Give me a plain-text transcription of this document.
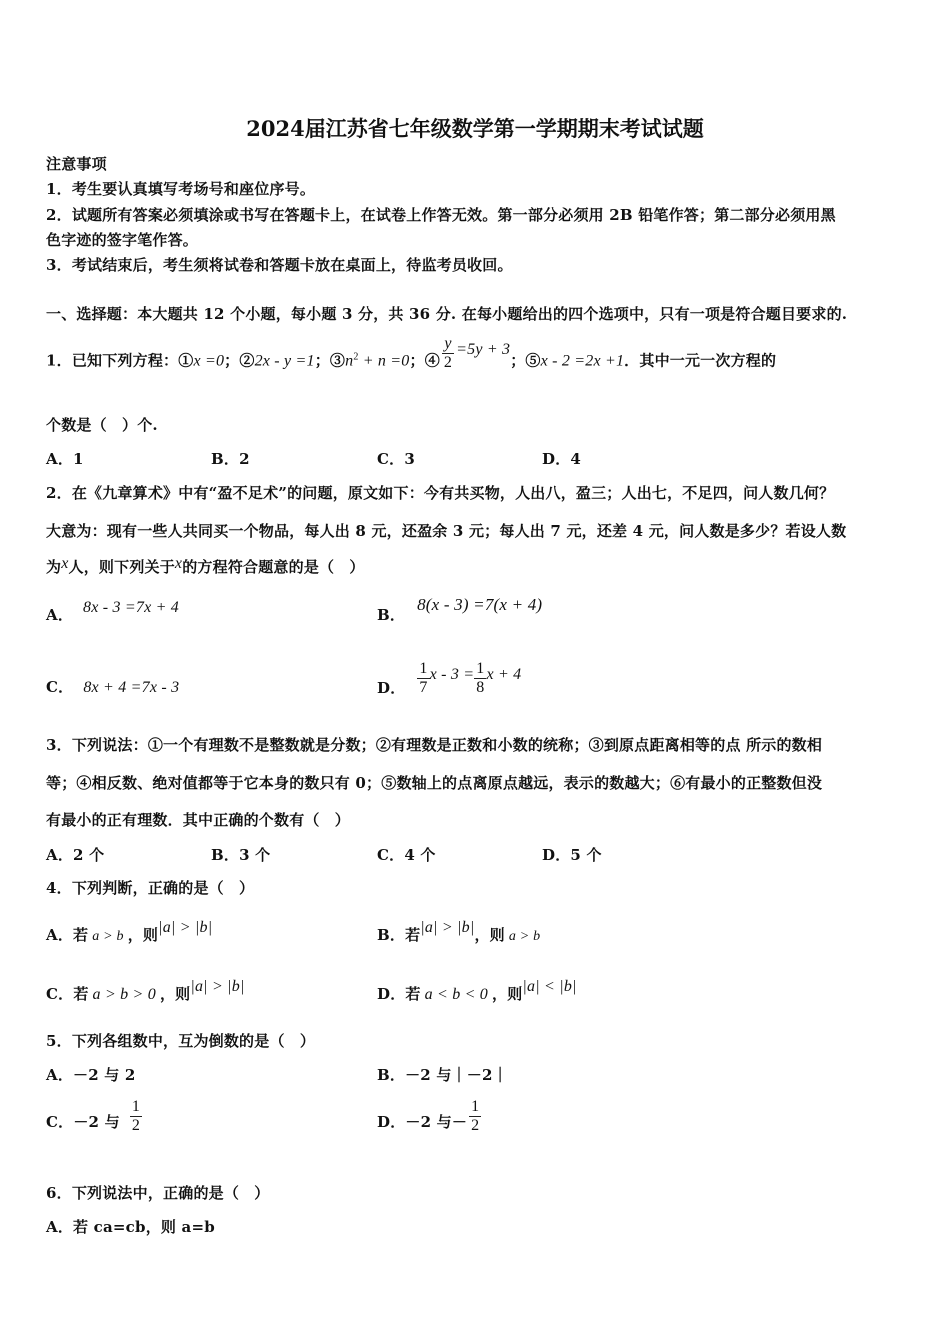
2024届江苏省七年级数学第一学期期末考试试题
注意事项
1．考生要认真填写考场号和座位序号。
2．试题所有答案必须填涂或书写在答题卡上，在试卷上作答无效。第一部分必须用 2B 铅笔作答；第二部分必须用黑
色字迹的签字笔作答。
3．考试结束后，考生须将试卷和答题卡放在桌面上，待监考员收回。
一、选择题：本大题共 12 个小题，每小题 3 分，共 36 分. 在每小题给出的四个选项中，只有一项是符合题目要求的.
1．已知下列方程：①x =0；②2x - y =1；$③n^2 + n =0$；④ $\frac{y}{2} =5y + 3$；⑤x - 2 =2x +1．其中一元一次方程的
个数是（　）个.
A．1	B．2	C．3	D．4
2．在《九章算术》中有“盈不足术”的问题，原文如下：今有共买物，人出八，盈三；人出七，不足四，问人数几何？
大意为：现有一些人共同买一个物品，每人出 8 元，还盈余 3 元；每人出 7 元，还差 4 元，问人数是多少？若设人数
为x人，则下列关于x的方程符合题意的是（　）
A． 8x - 3 =7x + 4	B．8(x - 3) =7(x + 4)
C． 8x + 4 =7x - 3	D． $\frac{1}{7}$ $x - 3 = \frac{1}{8}$ x + 4
3．下列说法：①一个有理数不是整数就是分数；②有理数是正数和小数的统称；③到原点距离相等的点 所示的数相
等；④相反数、绝对值都等于它本身的数只有 0；⑤数轴上的点离原点越远，表示的数越大；⑥有最小的正整数但没
有最小的正有理数．其中正确的个数有（　）
A．2 个	B．3 个	C．4 个	D．5 个
4．下列判断，正确的是（　）
A．若 a > b ，则|a| > |b|	B．若|a| > |b|，则 a > b
C．若 a > b > 0 ，则|a| > |b|	D．若 a < b < 0 ，则|a| < |b|
5．下列各组数中，互为倒数的是（　）
A．－2 与 2	B．－2 与｜－2｜
C．－2 与 $\frac{1}{2}$	D．－2 与－ $\frac{1}{2}$
6．下列说法中，正确的是（　）
A．若 ca=cb，则 a=b
